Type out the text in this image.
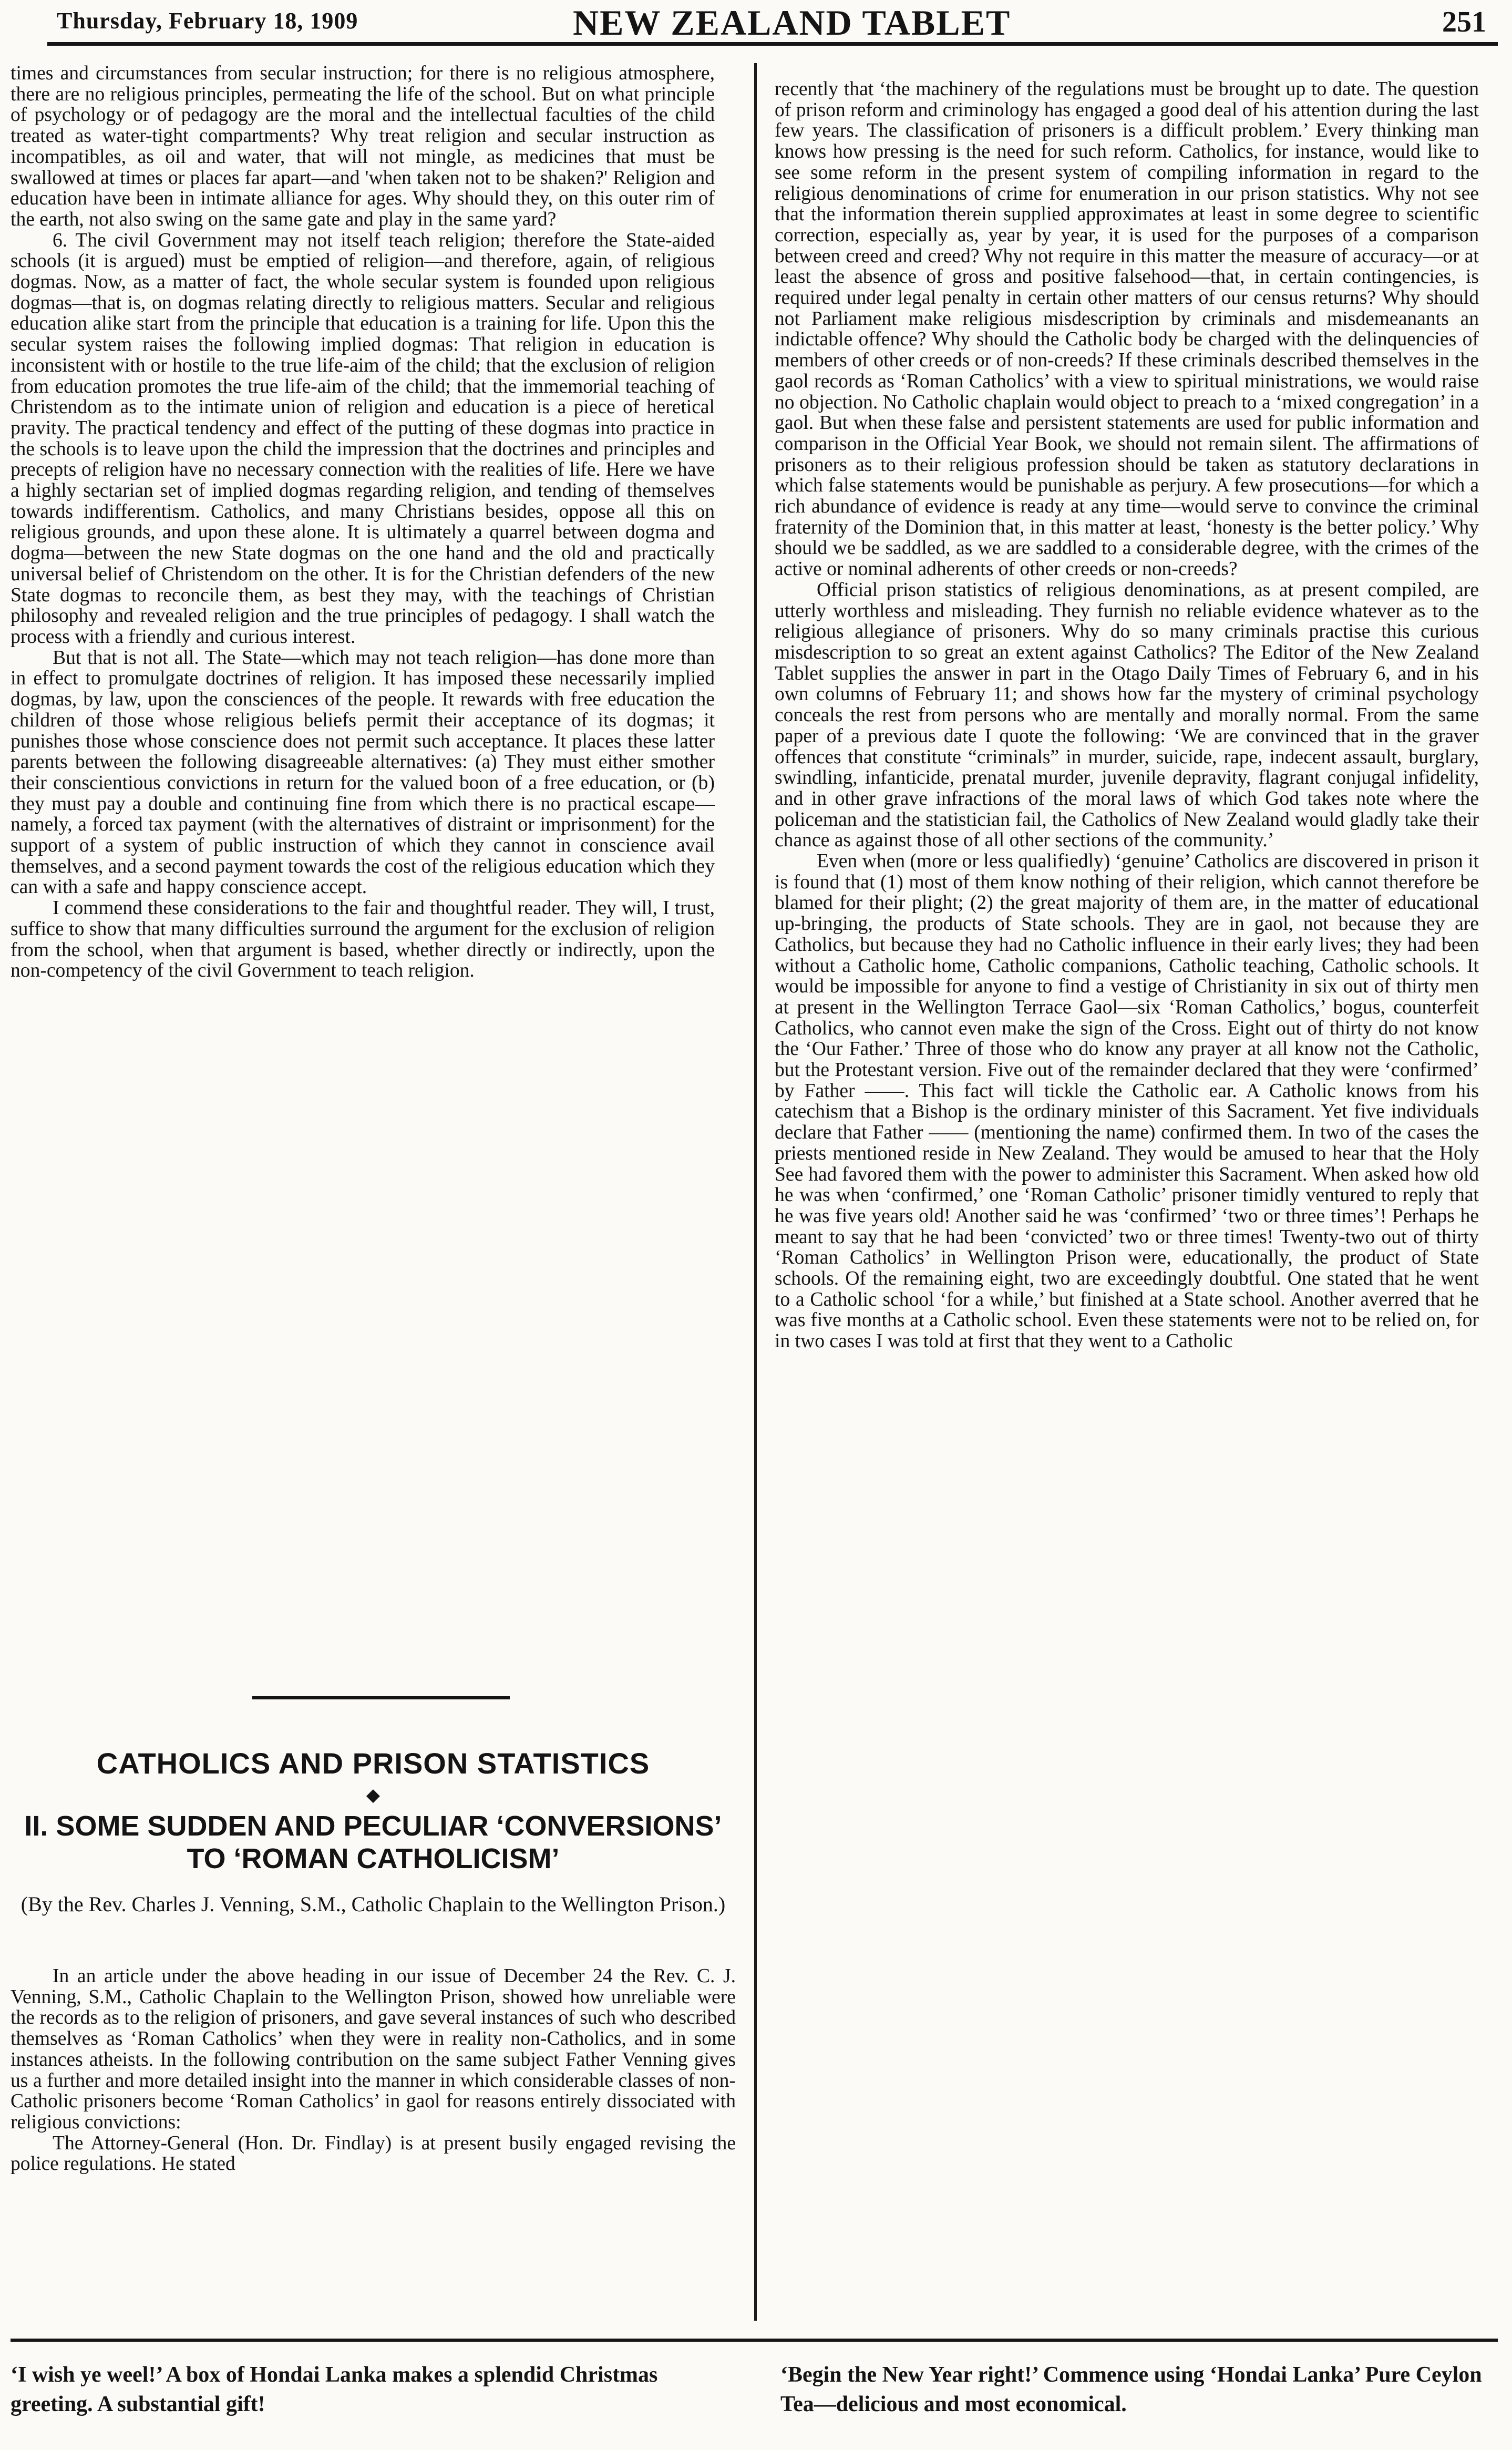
Thursday, February 18, 1909	NEW ZEALAND TABLET	251

times and circumstances from secular instruction; for there is no religious atmosphere, there are no religious principles, permeating the life of the school. But on what principle of psychology or of pedagogy are the moral and the intellectual faculties of the child treated as water-tight compartments? Why treat religion and secular instruction as incompatibles, as oil and water, that will not mingle, as medicines that must be swallowed at times or places far apart—and 'when taken not to be shaken?' Religion and education have been in intimate alliance for ages. Why should they, on this outer rim of the earth, not also swing on the same gate and play in the same yard?

6. The civil Government may not itself teach religion; therefore the State-aided schools (it is argued) must be emptied of religion—and therefore, again, of religious dogmas. Now, as a matter of fact, the whole secular system is founded upon religious dogmas—that is, on dogmas relating directly to religious matters. Secular and religious education alike start from the principle that education is a training for life. Upon this the secular system raises the following implied dogmas: That religion in education is inconsistent with or hostile to the true life-aim of the child; that the exclusion of religion from education promotes the true life-aim of the child; that the immemorial teaching of Christendom as to the intimate union of religion and education is a piece of heretical pravity. The practical tendency and effect of the putting of these dogmas into practice in the schools is to leave upon the child the impression that the doctrines and principles and precepts of religion have no necessary connection with the realities of life. Here we have a highly sectarian set of implied dogmas regarding religion, and tending of themselves towards indifferentism. Catholics, and many Christians besides, oppose all this on religious grounds, and upon these alone. It is ultimately a quarrel between dogma and dogma—between the new State dogmas on the one hand and the old and practically universal belief of Christendom on the other. It is for the Christian defenders of the new State dogmas to reconcile them, as best they may, with the teachings of Christian philosophy and revealed religion and the true principles of pedagogy. I shall watch the process with a friendly and curious interest.

But that is not all. The State—which may not teach religion—has done more than in effect to promulgate doctrines of religion. It has imposed these necessarily implied dogmas, by law, upon the consciences of the people. It rewards with free education the children of those whose religious beliefs permit their acceptance of its dogmas; it punishes those whose conscience does not permit such acceptance. It places these latter parents between the following disagreeable alternatives: (a) They must either smother their conscientious convictions in return for the valued boon of a free education, or (b) they must pay a double and continuing fine from which there is no practical escape—namely, a forced tax payment (with the alternatives of distraint or imprisonment) for the support of a system of public instruction of which they cannot in conscience avail themselves, and a second payment towards the cost of the religious education which they can with a safe and happy conscience accept.

I commend these considerations to the fair and thoughtful reader. They will, I trust, suffice to show that many difficulties surround the argument for the exclusion of religion from the school, when that argument is based, whether directly or indirectly, upon the non-competency of the civil Government to teach religion.

CATHOLICS AND PRISON STATISTICS
◆
II. SOME SUDDEN AND PECULIAR ‘CONVERSIONS’ TO ‘ROMAN CATHOLICISM’
(By the Rev. Charles J. Venning, S.M., Catholic Chaplain to the Wellington Prison.)

In an article under the above heading in our issue of December 24 the Rev. C. J. Venning, S.M., Catholic Chaplain to the Wellington Prison, showed how unreliable were the records as to the religion of prisoners, and gave several instances of such who described themselves as ‘Roman Catholics’ when they were in reality non-Catholics, and in some instances atheists. In the following contribution on the same subject Father Venning gives us a further and more detailed insight into the manner in which considerable classes of non-Catholic prisoners become ‘Roman Catholics’ in gaol for reasons entirely dissociated with religious convictions:

The Attorney-General (Hon. Dr. Findlay) is at present busily engaged revising the police regulations. He stated

recently that ‘the machinery of the regulations must be brought up to date. The question of prison reform and criminology has engaged a good deal of his attention during the last few years. The classification of prisoners is a difficult problem.’ Every thinking man knows how pressing is the need for such reform. Catholics, for instance, would like to see some reform in the present system of compiling information in regard to the religious denominations of crime for enumeration in our prison statistics. Why not see that the information therein supplied approximates at least in some degree to scientific correction, especially as, year by year, it is used for the purposes of a comparison between creed and creed? Why not require in this matter the measure of accuracy—or at least the absence of gross and positive falsehood—that, in certain contingencies, is required under legal penalty in certain other matters of our census returns? Why should not Parliament make religious misdescription by criminals and misdemeanants an indictable offence? Why should the Catholic body be charged with the delinquencies of members of other creeds or of non-creeds? If these criminals described themselves in the gaol records as ‘Roman Catholics’ with a view to spiritual ministrations, we would raise no objection. No Catholic chaplain would object to preach to a ‘mixed congregation’ in a gaol. But when these false and persistent statements are used for public information and comparison in the Official Year Book, we should not remain silent. The affirmations of prisoners as to their religious profession should be taken as statutory declarations in which false statements would be punishable as perjury. A few prosecutions—for which a rich abundance of evidence is ready at any time—would serve to convince the criminal fraternity of the Dominion that, in this matter at least, ‘honesty is the better policy.’ Why should we be saddled, as we are saddled to a considerable degree, with the crimes of the active or nominal adherents of other creeds or non-creeds?

Official prison statistics of religious denominations, as at present compiled, are utterly worthless and misleading. They furnish no reliable evidence whatever as to the religious allegiance of prisoners. Why do so many criminals practise this curious misdescription to so great an extent against Catholics? The Editor of the New Zealand Tablet supplies the answer in part in the Otago Daily Times of February 6, and in his own columns of February 11; and shows how far the mystery of criminal psychology conceals the rest from persons who are mentally and morally normal. From the same paper of a previous date I quote the following: ‘We are convinced that in the graver offences that constitute “criminals” in murder, suicide, rape, indecent assault, burglary, swindling, infanticide, prenatal murder, juvenile depravity, flagrant conjugal infidelity, and in other grave infractions of the moral laws of which God takes note where the policeman and the statistician fail, the Catholics of New Zealand would gladly take their chance as against those of all other sections of the community.’

Even when (more or less qualifiedly) ‘genuine’ Catholics are discovered in prison it is found that (1) most of them know nothing of their religion, which cannot therefore be blamed for their plight; (2) the great majority of them are, in the matter of educational up-bringing, the products of State schools. They are in gaol, not because they are Catholics, but because they had no Catholic influence in their early lives; they had been without a Catholic home, Catholic companions, Catholic teaching, Catholic schools. It would be impossible for anyone to find a vestige of Christianity in six out of thirty men at present in the Wellington Terrace Gaol—six ‘Roman Catholics,’ bogus, counterfeit Catholics, who cannot even make the sign of the Cross. Eight out of thirty do not know the ‘Our Father.’ Three of those who do know any prayer at all know not the Catholic, but the Protestant version. Five out of the remainder declared that they were ‘confirmed’ by Father ——. This fact will tickle the Catholic ear. A Catholic knows from his catechism that a Bishop is the ordinary minister of this Sacrament. Yet five individuals declare that Father —— (mentioning the name) confirmed them. In two of the cases the priests mentioned reside in New Zealand. They would be amused to hear that the Holy See had favored them with the power to administer this Sacrament. When asked how old he was when ‘confirmed,’ one ‘Roman Catholic’ prisoner timidly ventured to reply that he was five years old! Another said he was ‘confirmed’ ‘two or three times’! Perhaps he meant to say that he had been ‘convicted’ two or three times! Twenty-two out of thirty ‘Roman Catholics’ in Wellington Prison were, educationally, the product of State schools. Of the remaining eight, two are exceedingly doubtful. One stated that he went to a Catholic school ‘for a while,’ but finished at a State school. Another averred that he was five months at a Catholic school. Even these statements were not to be relied on, for in two cases I was told at first that they went to a Catholic

‘I wish ye weel!’ A box of Hondai Lanka makes a splendid Christmas greeting. A substantial gift!
‘Begin the New Year right!’ Commence using ‘Hondai Lanka’ Pure Ceylon Tea—delicious and most economical.
